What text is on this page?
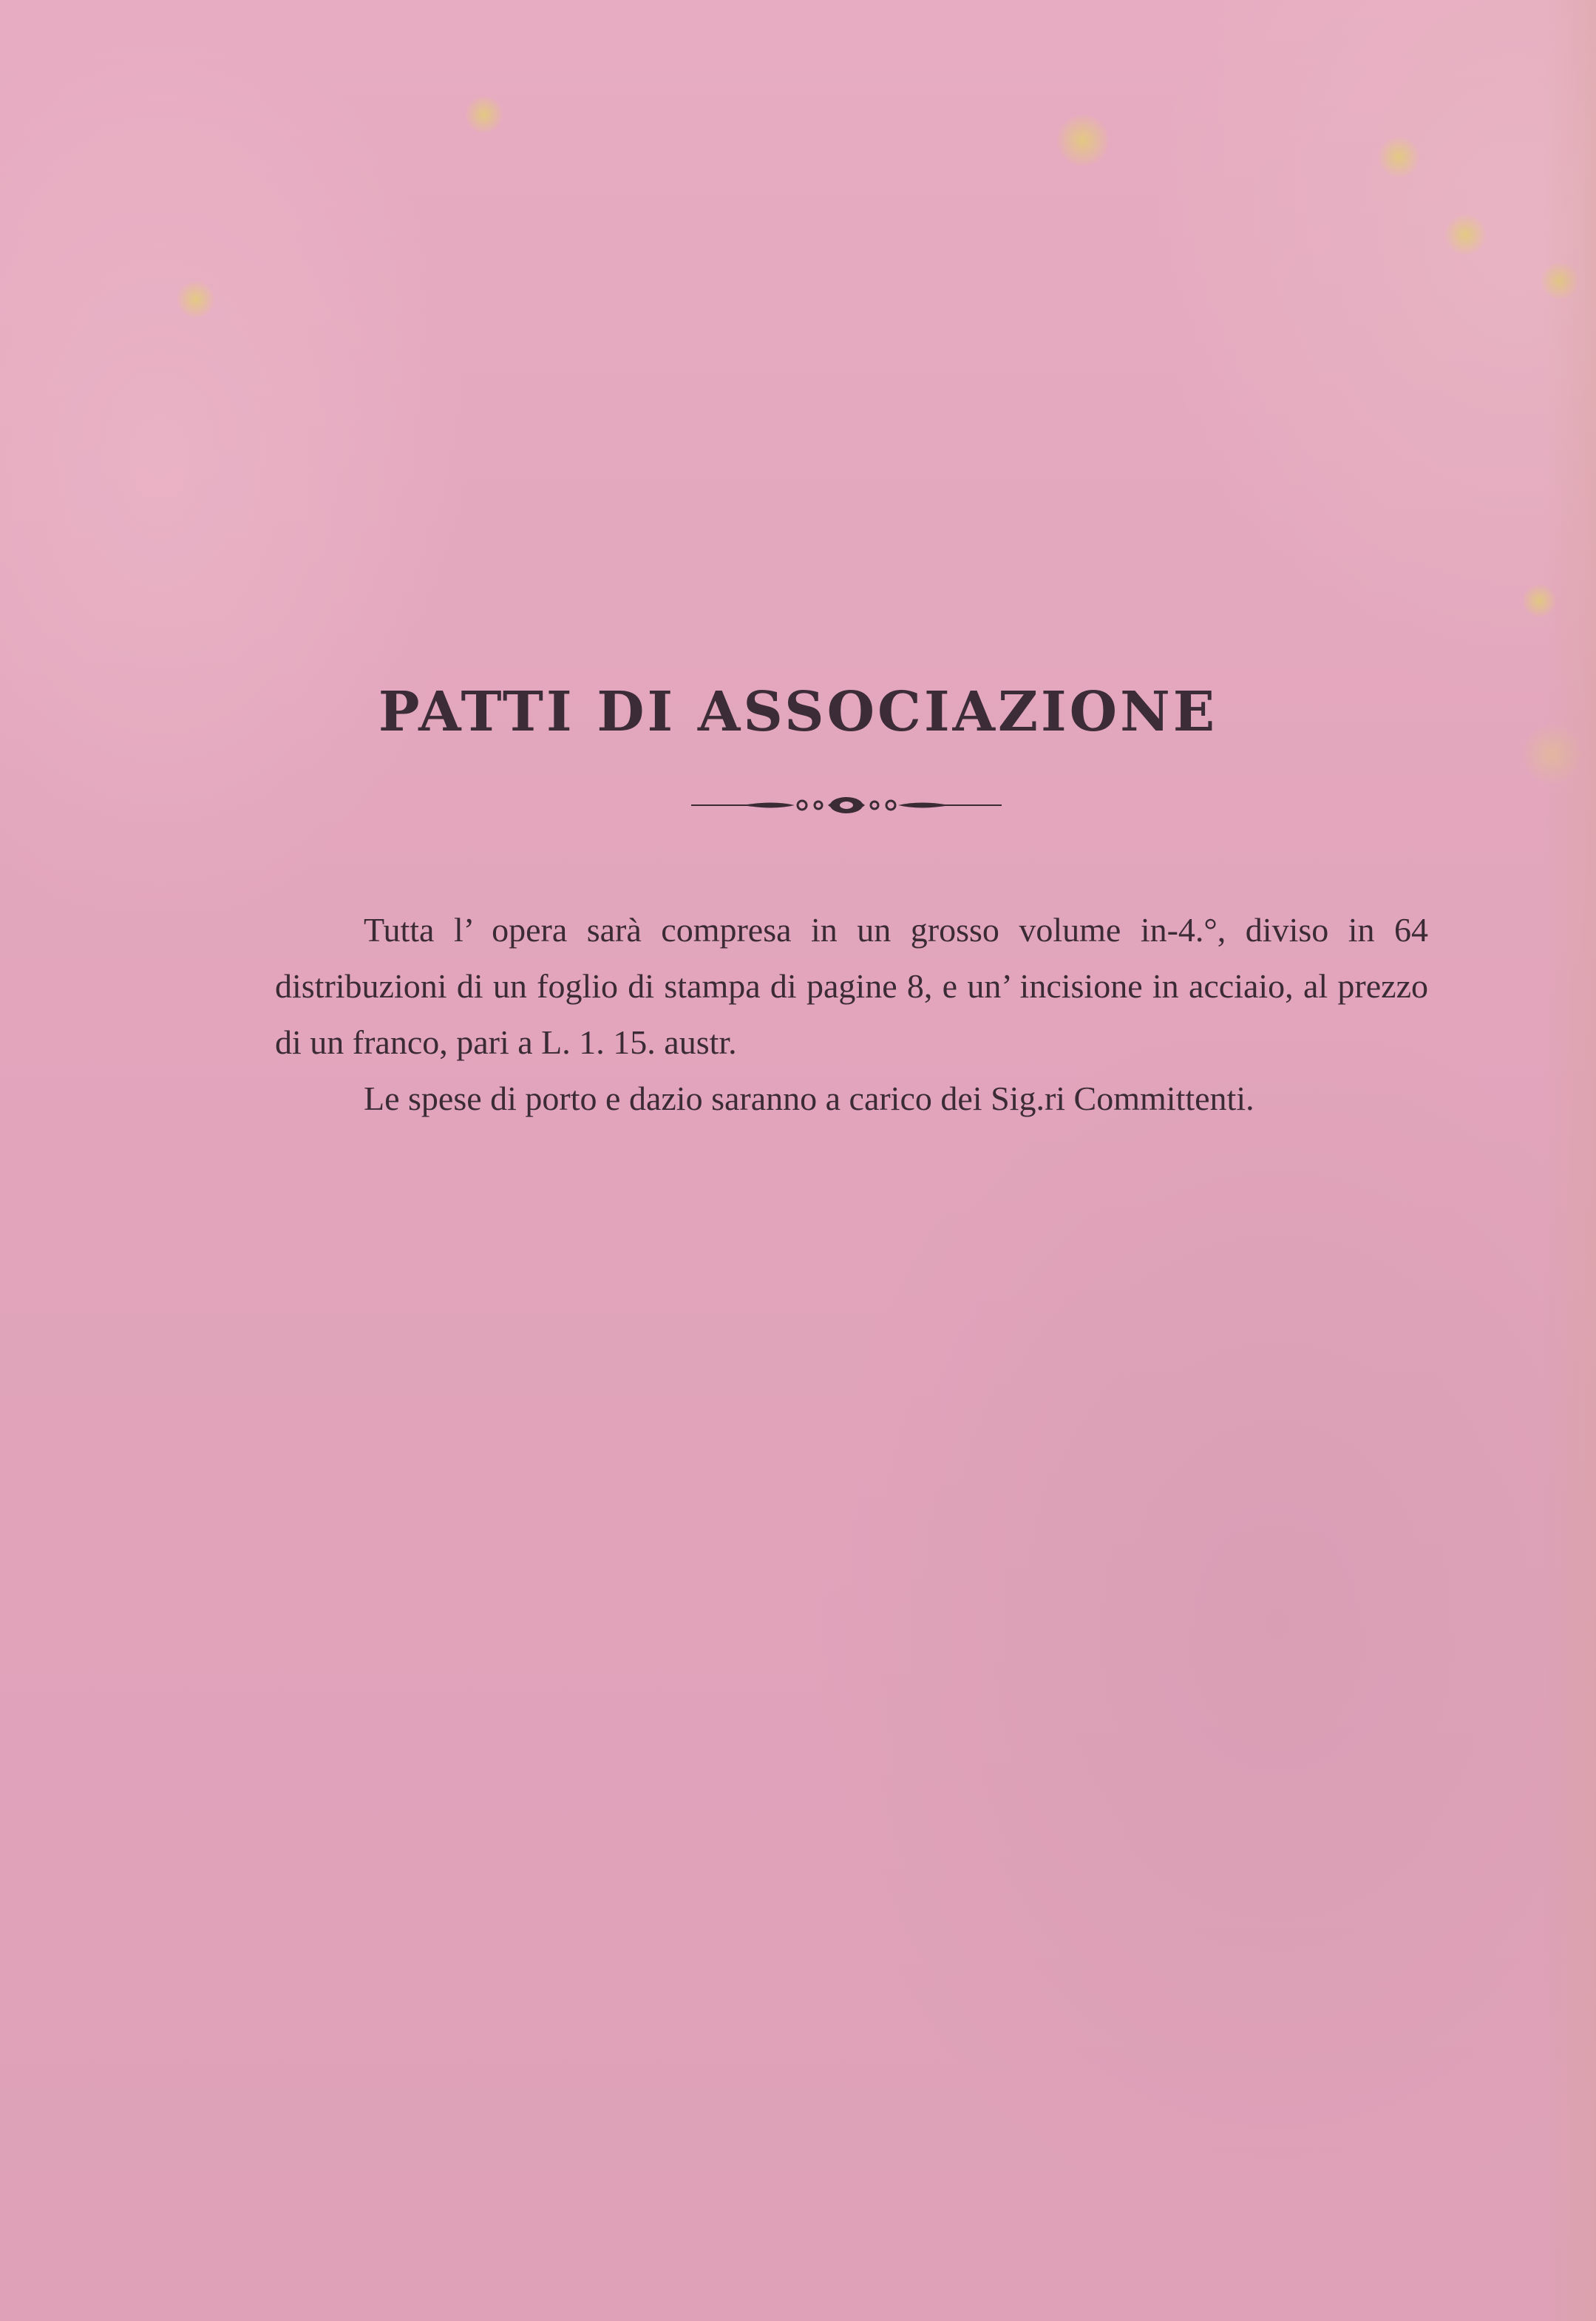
PATTI DI ASSOCIAZIONE

Tutta l’ opera sarà compresa in un grosso volume in-4.°, diviso in 64 distribuzioni di un foglio di stampa di pagine 8, e un’ incisione in acciaio, al prezzo di un franco, pari a L. 1. 15. austr.

Le spese di porto e dazio saranno a carico dei Sig.ri Committenti.
